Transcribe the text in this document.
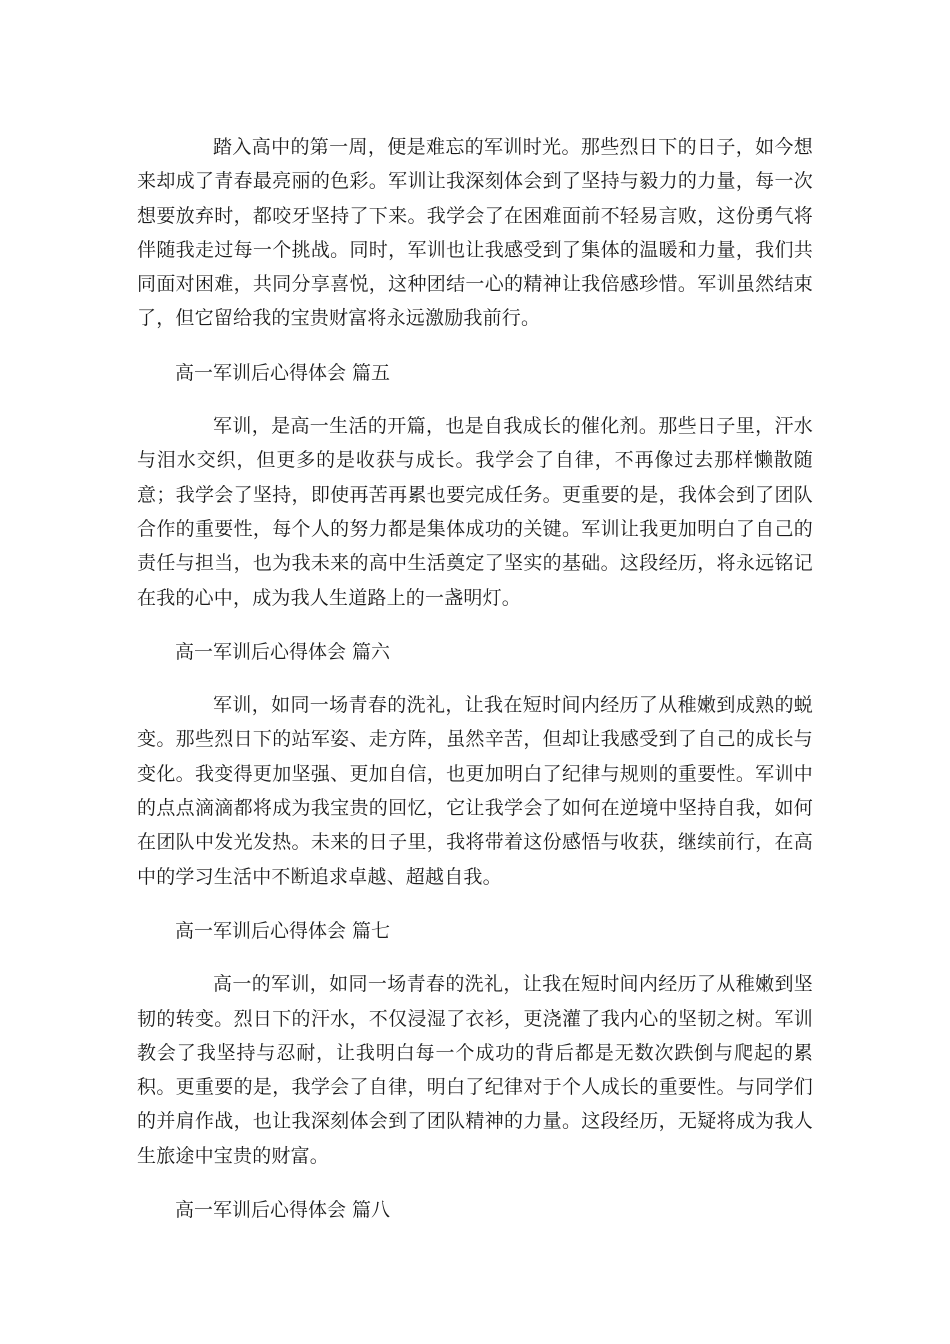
踏入高中的第一周，便是难忘的军训时光。那些烈日下的日子，如今想来却成了青春最亮丽的色彩。军训让我深刻体会到了坚持与毅力的力量，每一次想要放弃时，都咬牙坚持了下来。我学会了在困难面前不轻易言败，这份勇气将伴随我走过每一个挑战。同时，军训也让我感受到了集体的温暖和力量，我们共同面对困难，共同分享喜悦，这种团结一心的精神让我倍感珍惜。军训虽然结束了，但它留给我的宝贵财富将永远激励我前行。

高一军训后心得体会 篇五

军训，是高一生活的开篇，也是自我成长的催化剂。那些日子里，汗水与泪水交织，但更多的是收获与成长。我学会了自律，不再像过去那样懒散随意；我学会了坚持，即使再苦再累也要完成任务。更重要的是，我体会到了团队合作的重要性，每个人的努力都是集体成功的关键。军训让我更加明白了自己的责任与担当，也为我未来的高中生活奠定了坚实的基础。这段经历，将永远铭记在我的心中，成为我人生道路上的一盏明灯。

高一军训后心得体会 篇六

军训，如同一场青春的洗礼，让我在短时间内经历了从稚嫩到成熟的蜕变。那些烈日下的站军姿、走方阵，虽然辛苦，但却让我感受到了自己的成长与变化。我变得更加坚强、更加自信，也更加明白了纪律与规则的重要性。军训中的点点滴滴都将成为我宝贵的回忆，它让我学会了如何在逆境中坚持自我，如何在团队中发光发热。未来的日子里，我将带着这份感悟与收获，继续前行，在高中的学习生活中不断追求卓越、超越自我。

高一军训后心得体会 篇七

高一的军训，如同一场青春的洗礼，让我在短时间内经历了从稚嫩到坚韧的转变。烈日下的汗水，不仅浸湿了衣衫，更浇灌了我内心的坚韧之树。军训教会了我坚持与忍耐，让我明白每一个成功的背后都是无数次跌倒与爬起的累积。更重要的是，我学会了自律，明白了纪律对于个人成长的重要性。与同学们的并肩作战，也让我深刻体会到了团队精神的力量。这段经历，无疑将成为我人生旅途中宝贵的财富。

高一军训后心得体会 篇八
